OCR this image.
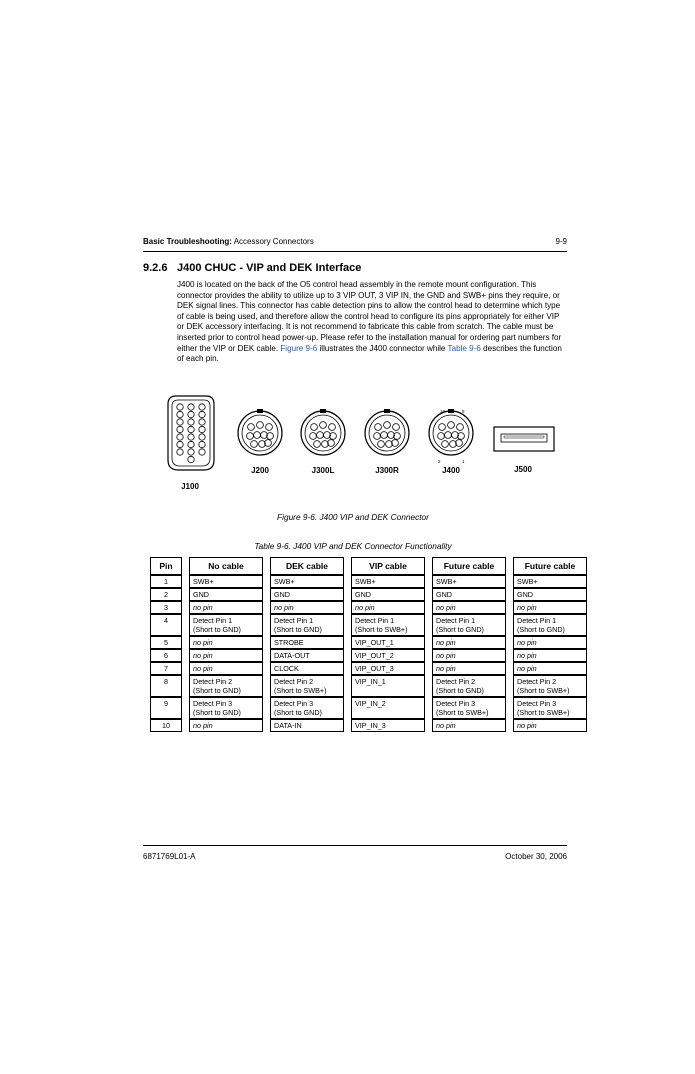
Basic Troubleshooting: Accessory Connectors	9-9
9.2.6 J400 CHUC - VIP and DEK Interface
J400 is located on the back of the O5 control head assembly in the remote mount configuration. This connector provides the ability to utilize up to 3 VIP OUT, 3 VIP IN, the GND and SWB+ pins they require, or DEK signal lines. This connector has cable detection pins to allow the control head to determine which type of cable is being used, and therefore allow the control head to configure its pins appropriately for either VIP or DEK accessory interfacing. It is not recommend to fabricate this cable from scratch. The cable must be inserted prior to control head power-up. Please refer to the installation manual for ordering part numbers for either the VIP or DEK cable. Figure 9-6 illustrates the J400 connector while Table 9-6 describes the function of each pin.
J100
J200	J300L	J300R
10	9
2	1
J400	J500
Figure 9-6. J400 VIP and DEK Connector
Table 9-6. J400 VIP and DEK Connector Functionality
Pin	No cable	DEK cable	VIP cable	Future cable	Future cable
1	SWB+	SWB+	SWB+	SWB+	SWB+
2	GND	GND	GND	GND	GND
3	no pin	no pin	no pin	no pin	no pin
4	Detect Pin 1
(Short to GND)	Detect Pin 1
(Short to GND)	Detect Pin 1
(Short to SWB+)	Detect Pin 1
(Short to GND)	Detect Pin 1
(Short to GND)
5	no pin	STROBE	VIP_OUT_1	no pin	no pin
6	no pin	DATA-OUT	VIP_OUT_2	no pin	no pin
7	no pin	CLOCK	VIP_OUT_3	no pin	no pin
8	Detect Pin 2
(Short to GND)	Detect Pin 2
(Short to SWB+)	VIP_IN_1	Detect Pin 2
(Short to GND)	Detect Pin 2
(Short to SWB+)
9	Detect Pin 3
(Short to GND)	Detect Pin 3
(Short to GND)	VIP_IN_2	Detect Pin 3
(Short to SWB+)	Detect Pin 3
(Short to SWB+)
10	no pin	DATA-IN	VIP_IN_3	no pin	no pin
6871769L01-A	October 30, 2006
